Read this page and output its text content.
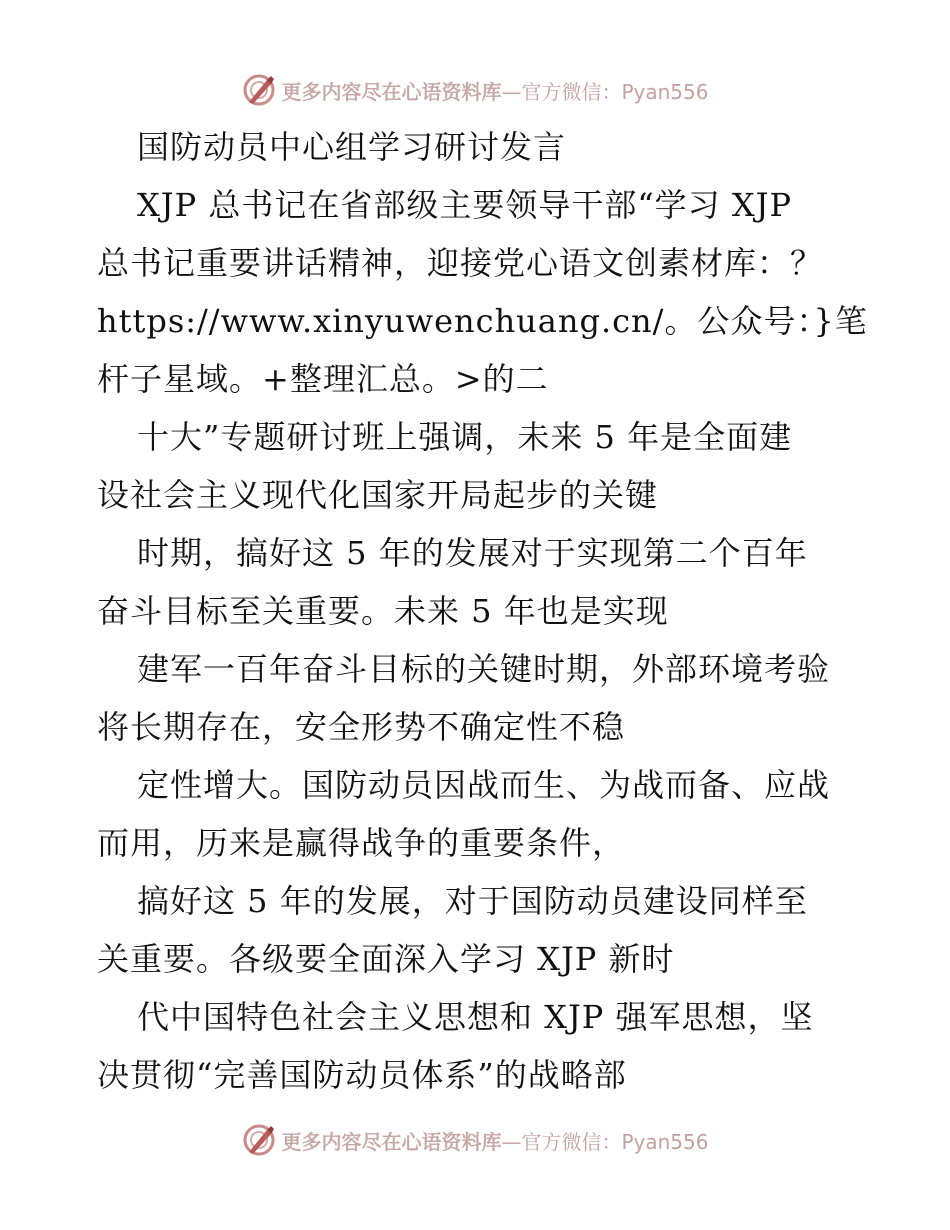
更多内容尽在心语资料库—官方微信：Pyan556
国防动员中心组学习研讨发言
XJP 总书记在省部级主要领导干部“学习 XJP
总书记重要讲话精神，迎接党心语文创素材库：？
https://www.xinyuwenchuang.cn/。公众号：}笔
杆子星域。+整理汇总。>的二
十大”专题研讨班上强调，未来 5 年是全面建
设社会主义现代化国家开局起步的关键
时期，搞好这 5 年的发展对于实现第二个百年
奋斗目标至关重要。未来 5 年也是实现
建军一百年奋斗目标的关键时期，外部环境考验
将长期存在，安全形势不确定性不稳
定性增大。国防动员因战而生、为战而备、应战
而用，历来是赢得战争的重要条件，
搞好这 5 年的发展，对于国防动员建设同样至
关重要。各级要全面深入学习 XJP 新时
代中国特色社会主义思想和 XJP 强军思想，坚
决贯彻“完善国防动员体系”的战略部
更多内容尽在心语资料库—官方微信：Pyan556
